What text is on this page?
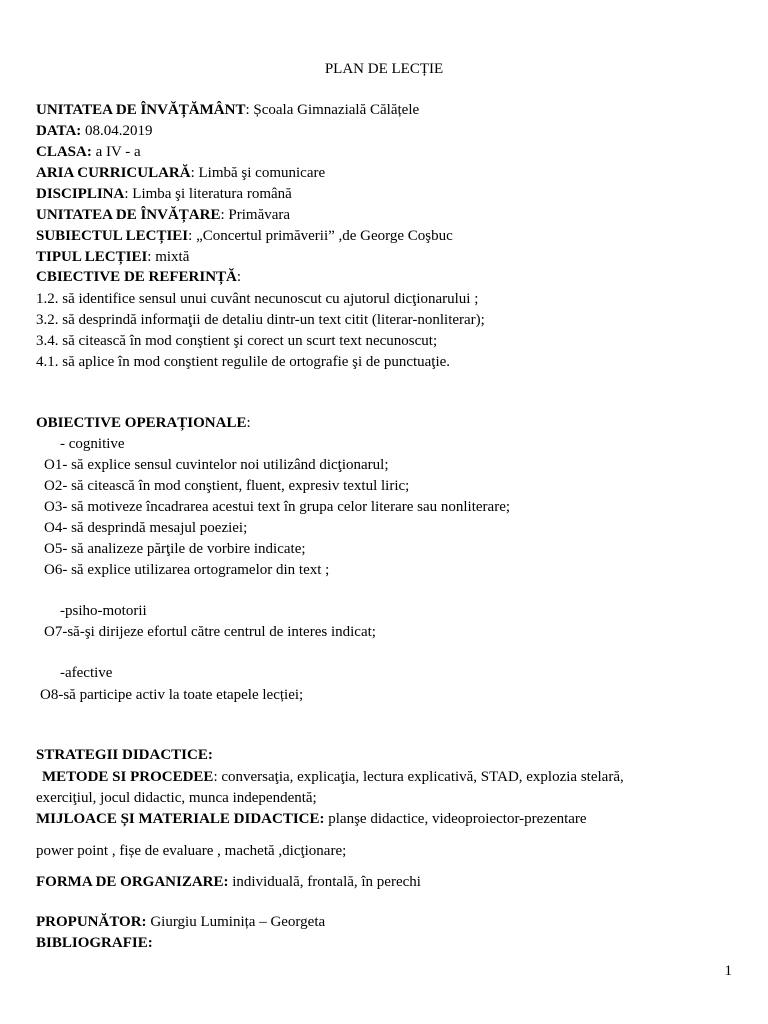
PLAN DE LECȚIE
UNITATEA DE ÎNVĂȚĂMÂNT: Școala Gimnazială Călățele
DATA: 08.04.2019
CLASA: a IV - a
ARIA CURRICULARĂ: Limbă şi comunicare
DISCIPLINA: Limba şi literatura română
UNITATEA DE ÎNVĂȚARE: Primăvara
SUBIECTUL LECȚIEI: „Concertul primăverii” ,de George Coşbuc
TIPUL LECȚIEI: mixtă
CBIECTIVE DE REFERINȚĂ:
1.2. să identifice sensul unui cuvânt necunoscut cu ajutorul dicţionarului ;
3.2. să desprindă informaţii de detaliu dintr-un text citit (literar-nonliterar);
3.4. să citească în mod conştient şi corect un scurt text necunoscut;
4.1. să aplice în mod conştient regulile de ortografie şi de punctuaţie.
OBIECTIVE OPERAȚIONALE:
- cognitive
O1- să explice sensul cuvintelor noi utilizând dicţionarul;
O2- să citească în mod conştient, fluent, expresiv textul liric;
O3- să motiveze încadrarea acestui text în grupa celor literare sau nonliterare;
O4- să desprindă mesajul poeziei;
O5- să analizeze părţile de vorbire indicate;
O6- să explice utilizarea ortogramelor din text ;
-psiho-motorii
O7-să-şi dirijeze efortul către centrul de interes indicat;
-afective
O8-să participe activ la toate etapele lecției;
STRATEGII DIDACTICE:
METODE SI PROCEDEE: conversaţia, explicaţia, lectura explicativă, STAD, explozia stelară,
exerciţiul, jocul didactic, munca independentă;
MIJLOACE ȘI MATERIALE DIDACTICE: planşe didactice, videoproiector-prezentare
power point , fișe de evaluare , machetă ,dicţionare;
FORMA DE ORGANIZARE: individuală, frontală, în perechi
PROPUNĂTOR: Giurgiu Luminița – Georgeta
BIBLIOGRAFIE:
1
